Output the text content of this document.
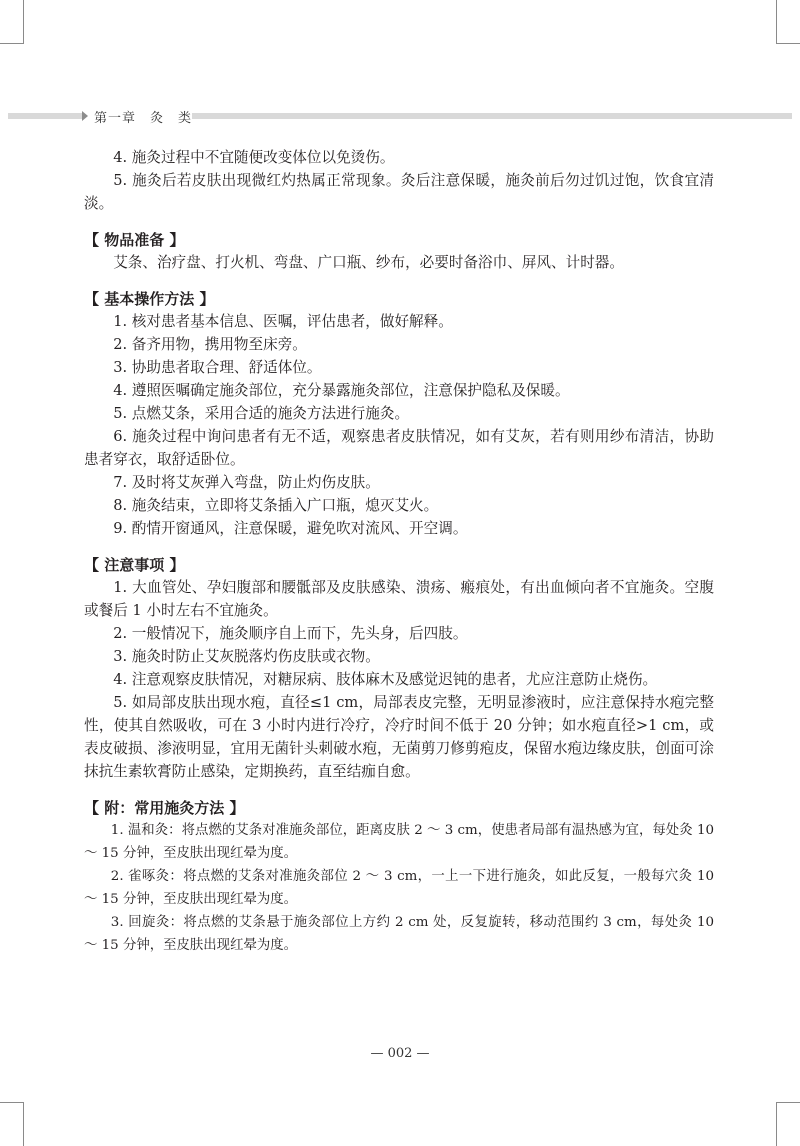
第一章　灸　类

4. 施灸过程中不宜随便改变体位以免烫伤。

5. 施灸后若皮肤出现微红灼热属正常现象。灸后注意保暖，施灸前后勿过饥过饱，饮食宜清淡。

【 物品准备 】

艾条、治疗盘、打火机、弯盘、广口瓶、纱布，必要时备浴巾、屏风、计时器。

【 基本操作方法 】

1. 核对患者基本信息、医嘱，评估患者，做好解释。

2. 备齐用物，携用物至床旁。

3. 协助患者取合理、舒适体位。

4. 遵照医嘱确定施灸部位，充分暴露施灸部位，注意保护隐私及保暖。

5. 点燃艾条，采用合适的施灸方法进行施灸。

6. 施灸过程中询问患者有无不适，观察患者皮肤情况，如有艾灰，若有则用纱布清洁，协助患者穿衣，取舒适卧位。

7. 及时将艾灰弹入弯盘，防止灼伤皮肤。

8. 施灸结束，立即将艾条插入广口瓶，熄灭艾火。

9. 酌情开窗通风，注意保暖，避免吹对流风、开空调。

【 注意事项 】

1. 大血管处、孕妇腹部和腰骶部及皮肤感染、溃疡、瘢痕处，有出血倾向者不宜施灸。空腹或餐后 1 小时左右不宜施灸。

2. 一般情况下，施灸顺序自上而下，先头身，后四肢。

3. 施灸时防止艾灰脱落灼伤皮肤或衣物。

4. 注意观察皮肤情况，对糖尿病、肢体麻木及感觉迟钝的患者，尤应注意防止烧伤。

5. 如局部皮肤出现水疱，直径≤1 cm，局部表皮完整，无明显渗液时，应注意保持水疱完整性，使其自然吸收，可在 3 小时内进行冷疗，冷疗时间不低于 20 分钟；如水疱直径>1 cm，或表皮破损、渗液明显，宜用无菌针头刺破水疱，无菌剪刀修剪疱皮，保留水疱边缘皮肤，创面可涂抹抗生素软膏防止感染，定期换药，直至结痂自愈。

【 附：常用施灸方法 】

1. 温和灸：将点燃的艾条对准施灸部位，距离皮肤 2 ～ 3 cm，使患者局部有温热感为宜，每处灸 10 ～ 15 分钟，至皮肤出现红晕为度。

2. 雀啄灸：将点燃的艾条对准施灸部位 2 ～ 3 cm，一上一下进行施灸，如此反复，一般每穴灸 10 ～ 15 分钟，至皮肤出现红晕为度。

3. 回旋灸：将点燃的艾条悬于施灸部位上方约 2 cm 处，反复旋转，移动范围约 3 cm，每处灸 10 ～ 15 分钟，至皮肤出现红晕为度。

— 002 —
